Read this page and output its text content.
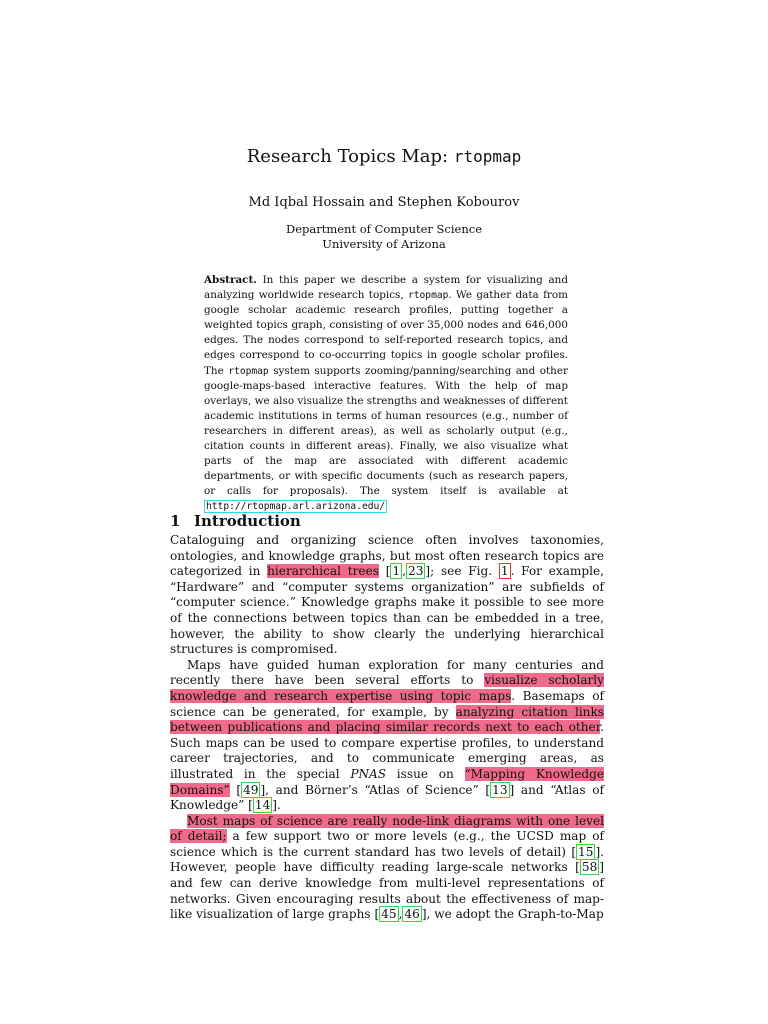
Research Topics Map: rtopmap
Md Iqbal Hossain and Stephen Kobourov
Department of Computer Science
University of Arizona
Abstract. In this paper we describe a system for visualizing and analyzing worldwide research topics, rtopmap. We gather data from google scholar academic research profiles, putting together a weighted topics graph, consisting of over 35,000 nodes and 646,000 edges. The nodes correspond to self-reported research topics, and edges correspond to co-occurring topics in google scholar profiles. The rtopmap system supports zooming/panning/searching and other google-maps-based interactive features. With the help of map overlays, we also visualize the strengths and weaknesses of different academic institutions in terms of human resources (e.g., number of researchers in different areas), as well as scholarly output (e.g., citation counts in different areas). Finally, we also visualize what parts of the map are associated with different academic departments, or with specific documents (such as research papers, or calls for proposals). The system itself is available at http://rtopmap.arl.arizona.edu/
1 Introduction

Cataloguing and organizing science often involves taxonomies, ontologies, and knowledge graphs, but most often research topics are categorized in hierarchical trees [ 1 , 23 ]; see Fig. 1 . For example, “Hardware” and “computer systems organization” are subfields of “computer science.” Knowledge graphs make it possible to see more of the connections between topics than can be embedded in a tree, however, the ability to show clearly the underlying hierarchical structures is compromised.

Maps have guided human exploration for many centuries and recently there have been several efforts to visualize scholarly knowledge and research expertise using topic maps. Basemaps of science can be generated, for example, by analyzing citation links between publications and placing similar records next to each other. Such maps can be used to compare expertise profiles, to understand career trajectories, and to communicate emerging areas, as illustrated in the special PNAS issue on “Mapping Knowledge Domains” [ 49 ], and Börner’s “Atlas of Science” [ 13 ] and “Atlas of Knowledge” [ 14 ].

Most maps of science are really node-link diagrams with one level of detail; a few support two or more levels (e.g., the UCSD map of science which is the current standard has two levels of detail) [ 15 ]. However, people have difficulty reading large-scale networks [ 58 ] and few can derive knowledge from multi-level representations of networks. Given encouraging results about the effectiveness of map-like visualization of large graphs [ 45 , 46 ], we adopt the Graph-to-Map
